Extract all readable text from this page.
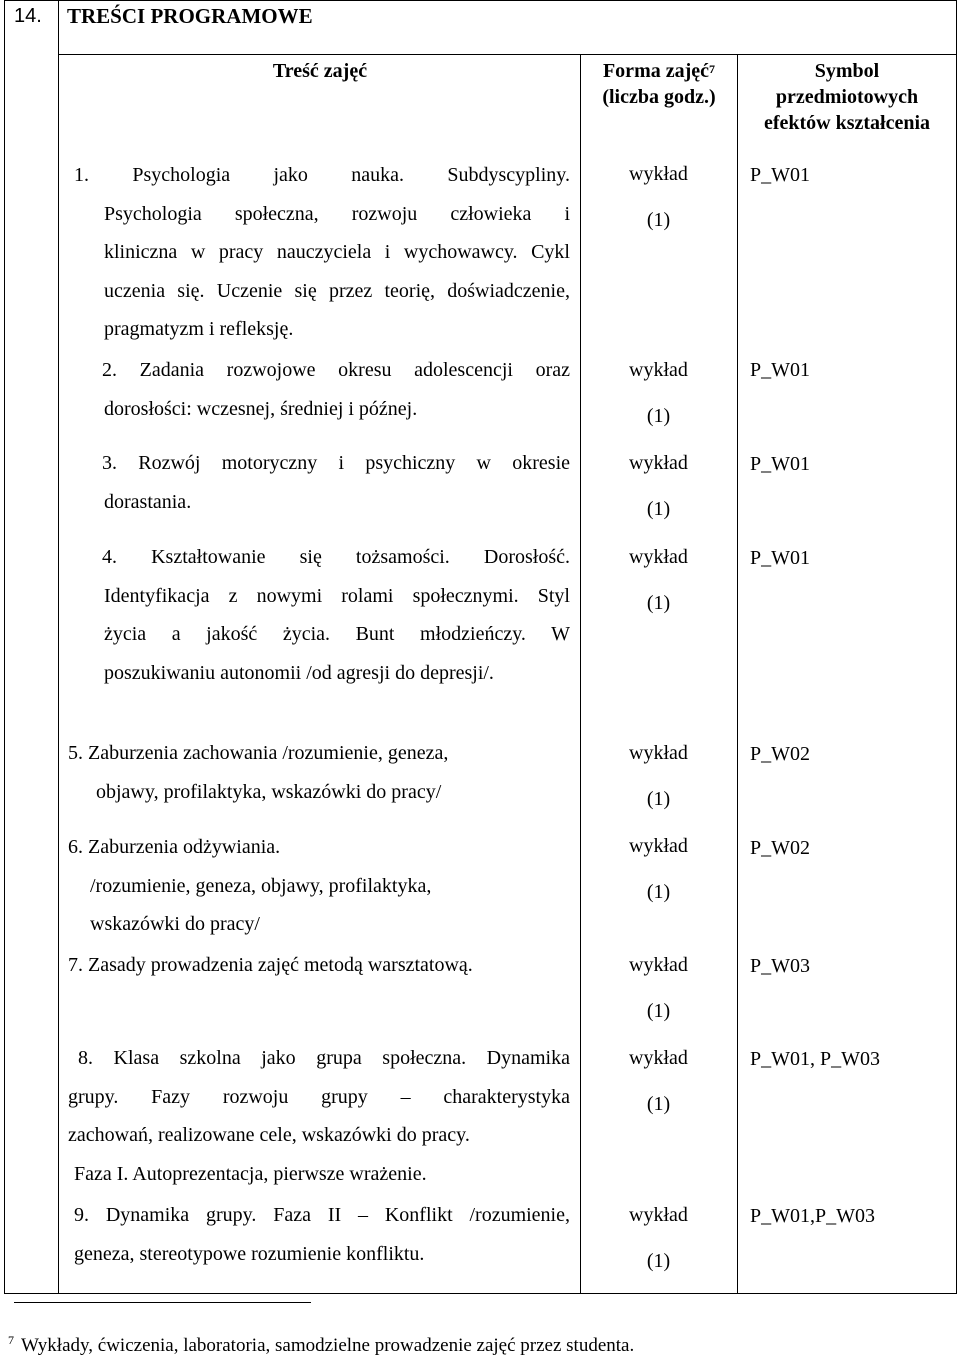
14. TREŚCI PROGRAMOWE
Treść zajęć	Forma zajęć$^7$
(liczba godz.)
Symbol
przedmiotowych
efektów kształcenia
1. Psychologia jako nauka. Subdyscypliny.
Psychologia społeczna, rozwoju człowieka i
kliniczna w pracy nauczyciela i wychowawcy. Cykl
uczenia się. Uczenie się przez teorię, doświadczenie,
pragmatyzm i refleksję.
wykład
(1)
P_W01
2. Zadania rozwojowe okresu adolescencji oraz
dorosłości: wczesnej, średniej i późnej.
wykład
(1)
P_W01
3. Rozwój motoryczny i psychiczny w okresie
dorastania.
wykład
(1)
P_W01
4. Kształtowanie się tożsamości. Dorosłość.
Identyfikacja z nowymi rolami społecznymi. Styl
życia a jakość życia. Bunt młodzieńczy. W
poszukiwaniu autonomii /od agresji do depresji/.
wykład
(1)
P_W01
5. Zaburzenia zachowania /rozumienie, geneza,
objawy, profilaktyka, wskazówki do pracy/
wykład
(1)
P_W02
6. Zaburzenia odżywiania.
/rozumienie, geneza, objawy, profilaktyka,
wskazówki do pracy/
wykład
(1)
P_W02
7. Zasady prowadzenia zajęć metodą warsztatową.	wykład
(1)
P_W03
8. Klasa szkolna jako grupa społeczna. Dynamika
grupy. Fazy rozwoju grupy – charakterystyka
zachowań, realizowane cele, wskazówki do pracy.
Faza I. Autoprezentacja, pierwsze wrażenie.
wykład
(1)
P_W01, P_W03
9. Dynamika grupy. Faza II – Konflikt /rozumienie,
geneza, stereotypowe rozumienie konfliktu.
wykład
(1)
P_W01,P_W03
$^7$ Wykłady, ćwiczenia, laboratoria, samodzielne prowadzenie zajęć przez studenta.
